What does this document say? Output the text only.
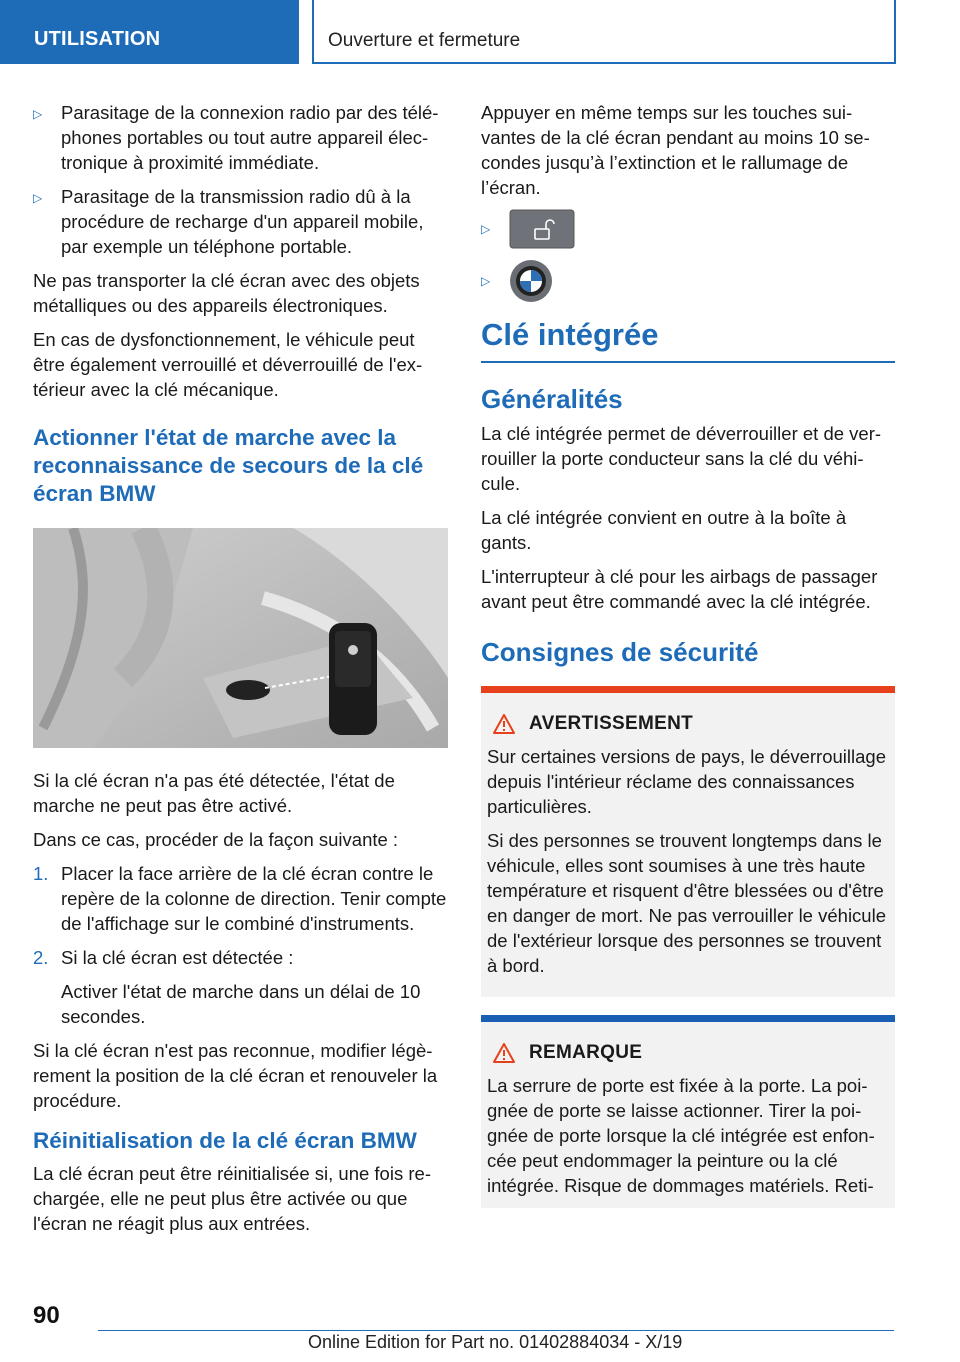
UTILISATION	Ouverture et fermeture
▷	Parasitage de la connexion radio par des téléphones portables ou tout autre appareil électronique à proximité immédiate.
▷	Parasitage de la transmission radio dû à la procédure de recharge d'un appareil mobile, par exemple un téléphone portable.

Ne pas transporter la clé écran avec des objets métalliques ou des appareils électroniques.

En cas de dysfonctionnement, le véhicule peut être également verrouillé et déverrouillé de l'extérieur avec la clé mécanique.

Actionner l'état de marche avec la reconnaissance de secours de la clé écran BMW

Si la clé écran n'a pas été détectée, l'état de marche ne peut pas être activé.

Dans ce cas, procéder de la façon suivante :

1. Placer la face arrière de la clé écran contre le repère de la colonne de direction. Tenir compte de l'affichage sur le combiné d'instruments.
2. Si la clé écran est détectée :

Activer l'état de marche dans un délai de 10 secondes.

Si la clé écran n'est pas reconnue, modifier légèrement la position de la clé écran et renouveler la procédure.

Réinitialisation de la clé écran BMW

La clé écran peut être réinitialisée si, une fois rechargée, elle ne peut plus être activée ou que l'écran ne réagit plus aux entrées.

Appuyer en même temps sur les touches suivantes de la clé écran pendant au moins 10 secondes jusqu’à l’extinction et le rallumage de l’écran.

▷
▷
Clé intégrée
Généralités

La clé intégrée permet de déverrouiller et de verrouiller la porte conducteur sans la clé du véhicule.

La clé intégrée convient en outre à la boîte à gants.

L'interrupteur à clé pour les airbags de passager avant peut être commandé avec la clé intégrée.

Consignes de sécurité
AVERTISSEMENT

Sur certaines versions de pays, le déverrouillage depuis l'intérieur réclame des connaissances particulières.

Si des personnes se trouvent longtemps dans le véhicule, elles sont soumises à une très haute température et risquent d'être blessées ou d'être en danger de mort. Ne pas verrouiller le véhicule de l'extérieur lorsque des personnes se trouvent à bord.

REMARQUE

La serrure de porte est fixée à la porte. La poignée de porte se laisse actionner. Tirer la poignée de porte lorsque la clé intégrée est enfoncée peut endommager la peinture ou la clé intégrée. Risque de dommages matériels. Reti-

90
Online Edition for Part no. 01402884034 - X/19
